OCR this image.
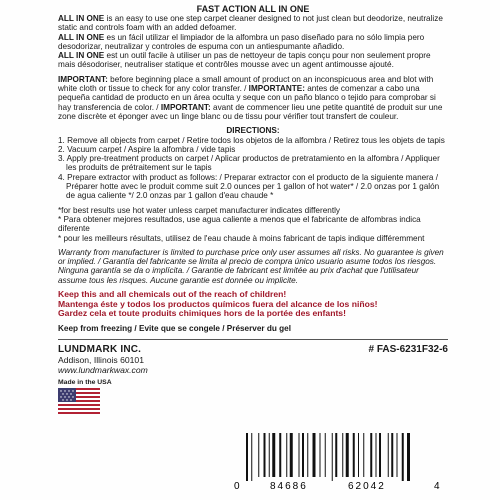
FAST ACTION ALL IN ONE

ALL IN ONE is an easy to use one step carpet cleaner designed to not just clean but deodorize, neutralize static and controls foam with an added defoamer.

ALL IN ONE es un fácil utilizar el limpiador de la alfombra un paso diseñado para no sólo limpia pero desodorizar, neutralizar y controles de espuma con un antiespumante añadido.

ALL IN ONE est un outil facile à utiliser un pas de nettoyeur de tapis conçu pour non seulement propre mais désodoriser, neutraliser statique et contrôles mousse avec un agent antimousse ajouté.

IMPORTANT: before beginning place a small amount of product on an inconspicuous area and blot with white cloth or tissue to check for any color transfer. / IMPORTANTE: antes de comenzar a cabo una pequeña cantidad de producto en un área oculta y seque con un paño blanco o tejido para comprobar si hay transferencia de color. / IMPORTANT: avant de commencer lieu une petite quantité de produit sur une zone discrète et éponger avec un linge blanc ou de tissu pour vérifier tout transfert de couleur.

DIRECTIONS:

1. Remove all objects from carpet / Retire todos los objetos de la alfombra / Retirez tous les objets de tapis
2. Vacuum carpet / Aspire la alfombra / vide tapis
3. Apply pre-treatment products on carpet / Aplicar productos de pretratamiento en la alfombra / Appliquer les produits de prétraitement sur le tapis
4. Prepare extractor with product as follows: / Preparar extractor con el producto de la siguiente manera / Préparer hotte avec le produit comme suit 2.0 ounces per 1 gallon of hot water* / 2.0 onzas por 1 galón de agua caliente */ 2.0 onzas par 1 gallon d'eau chaude *

*for best results use hot water unless carpet manufacturer indicates differently

* Para obtener mejores resultados, use agua caliente a menos que el fabricante de alfombras indica diferente

* pour les meilleurs résultats, utilisez de l'eau chaude à moins fabricant de tapis indique différemment

Warranty from manufacturer is limited to purchase price only user assumes all risks. No guarantee is given or implied. / Garantía del fabricante se limita al precio de compra único usuario asume todos los riesgos. Ninguna garantía se da o implícita. / Garantie de fabricant est limitée au prix d'achat que l'utilisateur assume tous les risques. Aucune garantie est donnée ou implicite.

Keep this and all chemicals out of the reach of children!

Mantenga éste y todos los productos químicos fuera del alcance de los niños!

Gardez cela et toute produits chimiques hors de la portée des enfants!

Keep from freezing / Evite que se congele / Préserver du gel

LUNDMARK INC.
Addison, Illinois 60101
www.lundmarkwax.com
Made in the USA
# FAS-6231F32-6
0	84686	62042	4
